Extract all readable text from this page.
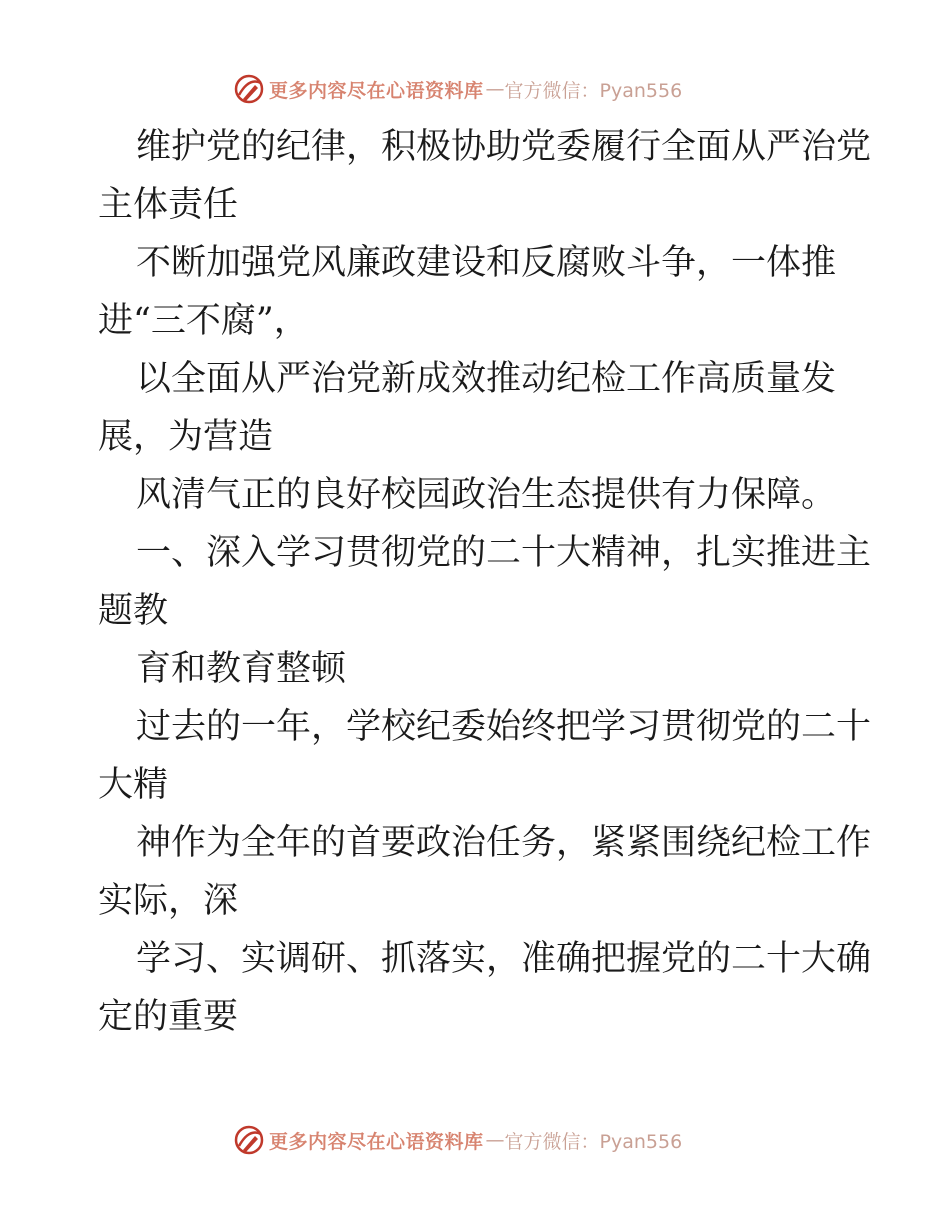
更多内容尽在心语资料库 — 官方微信：Pyan556

维护党的纪律，积极协助党委履行全面从严治党
主体责任

不断加强党风廉政建设和反腐败斗争，一体推
进“三不腐”，

以全面从严治党新成效推动纪检工作高质量发
展，为营造

风清气正的良好校园政治生态提供有力保障。

一、深入学习贯彻党的二十大精神，扎实推进主
题教

育和教育整顿

过去的一年，学校纪委始终把学习贯彻党的二十
大精

神作为全年的首要政治任务，紧紧围绕纪检工作
实际，深

学习、实调研、抓落实，准确把握党的二十大确
定的重要

更多内容尽在心语资料库 — 官方微信：Pyan556
